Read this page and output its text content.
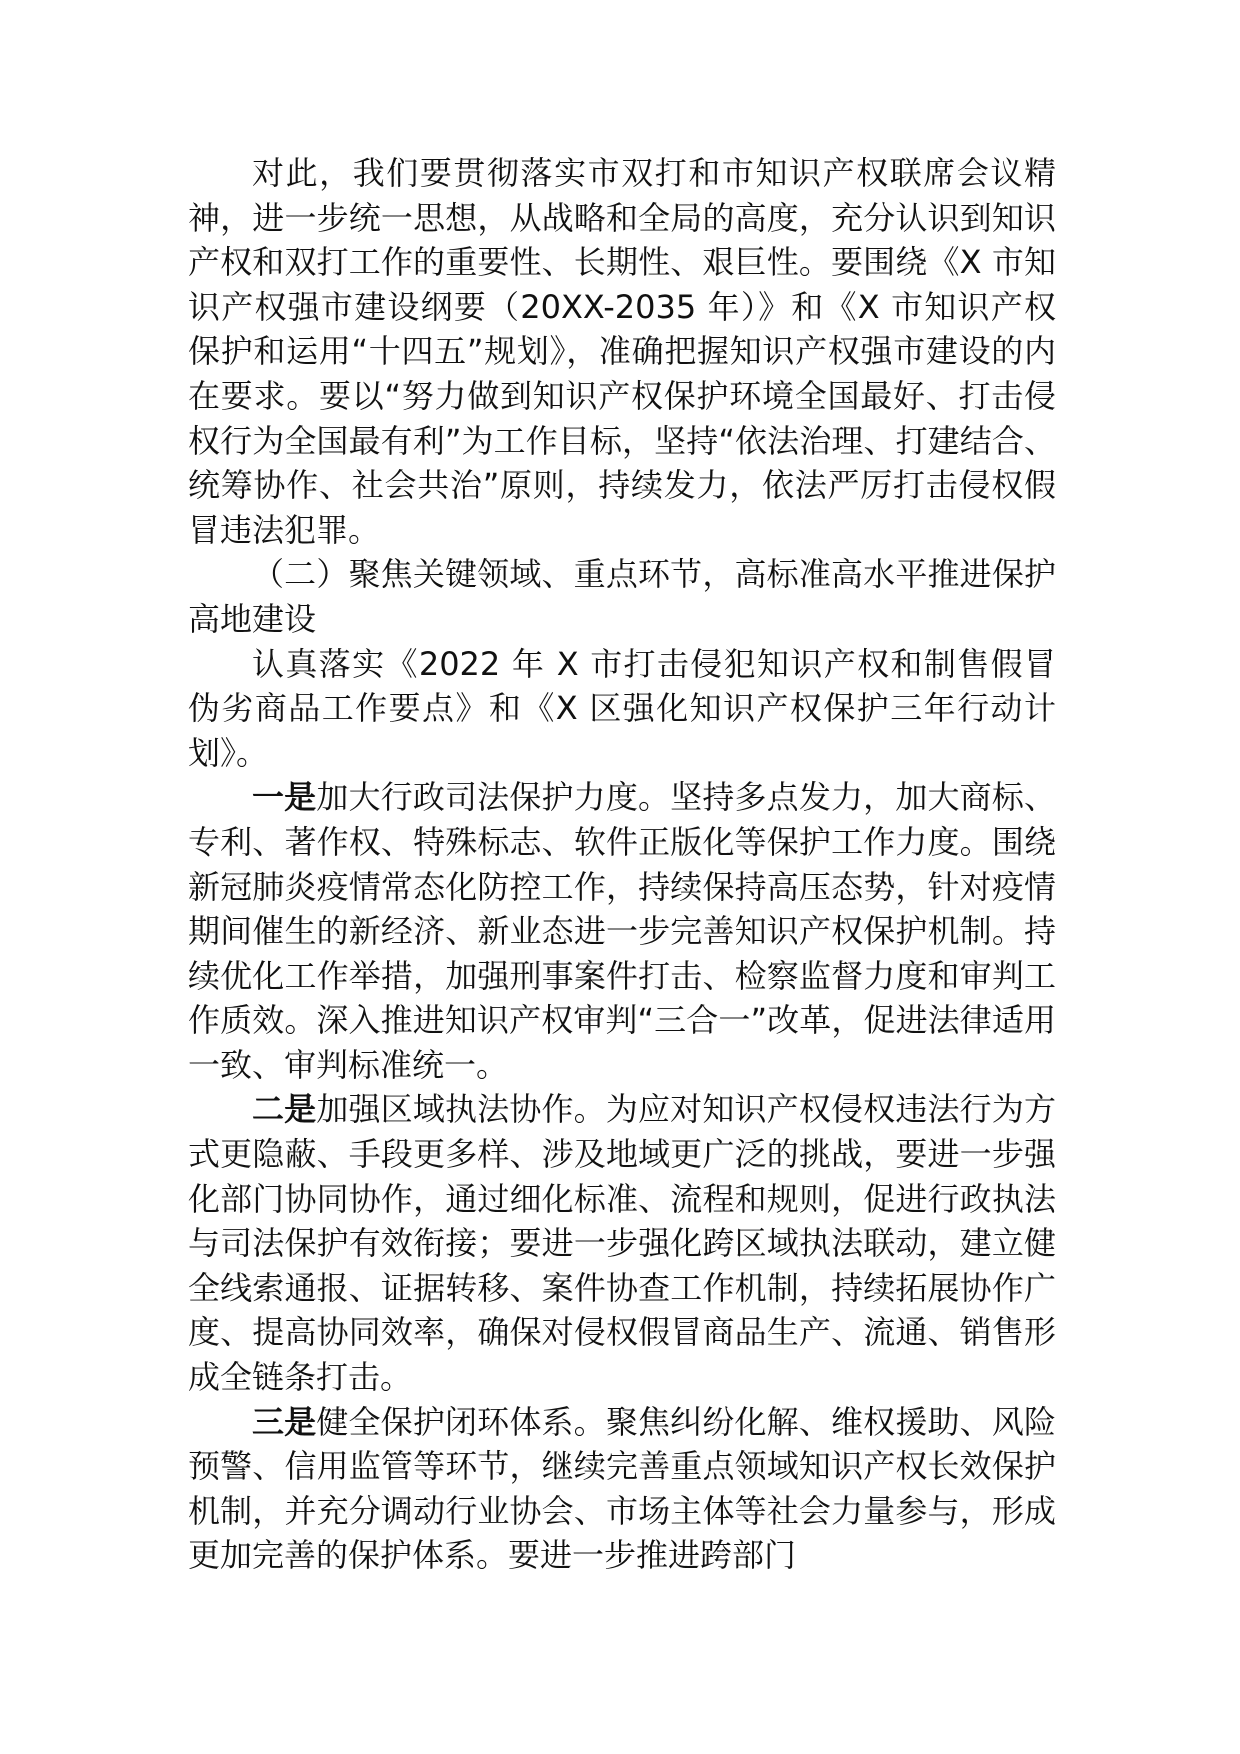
对此，我们要贯彻落实市双打和市知识产权联席会议精神，进一步统一思想，从战略和全局的高度，充分认识到知识产权和双打工作的重要性、长期性、艰巨性。要围绕《X 市知识产权强市建设纲要（20XX-2035 年）》和《X 市知识产权保护和运用“十四五”规划》，准确把握知识产权强市建设的内在要求。要以“努力做到知识产权保护环境全国最好、打击侵权行为全国最有利”为工作目标，坚持“依法治理、打建结合、统筹协作、社会共治”原则，持续发力，依法严厉打击侵权假冒违法犯罪。

（二）聚焦关键领域、重点环节，高标准高水平推进保护高地建设

认真落实《2022 年 X 市打击侵犯知识产权和制售假冒伪劣商品工作要点》和《X 区强化知识产权保护三年行动计划》。

一是加大行政司法保护力度。坚持多点发力，加大商标、专利、著作权、特殊标志、软件正版化等保护工作力度。围绕新冠肺炎疫情常态化防控工作，持续保持高压态势，针对疫情期间催生的新经济、新业态进一步完善知识产权保护机制。持续优化工作举措，加强刑事案件打击、检察监督力度和审判工作质效。深入推进知识产权审判“三合一”改革，促进法律适用一致、审判标准统一。

二是加强区域执法协作。为应对知识产权侵权违法行为方式更隐蔽、手段更多样、涉及地域更广泛的挑战，要进一步强化部门协同协作，通过细化标准、流程和规则，促进行政执法与司法保护有效衔接；要进一步强化跨区域执法联动，建立健全线索通报、证据转移、案件协查工作机制，持续拓展协作广度、提高协同效率，确保对侵权假冒商品生产、流通、销售形成全链条打击。

三是健全保护闭环体系。聚焦纠纷化解、维权援助、风险预警、信用监管等环节，继续完善重点领域知识产权长效保护机制，并充分调动行业协会、市场主体等社会力量参与，形成更加完善的保护体系。要进一步推进跨部门
